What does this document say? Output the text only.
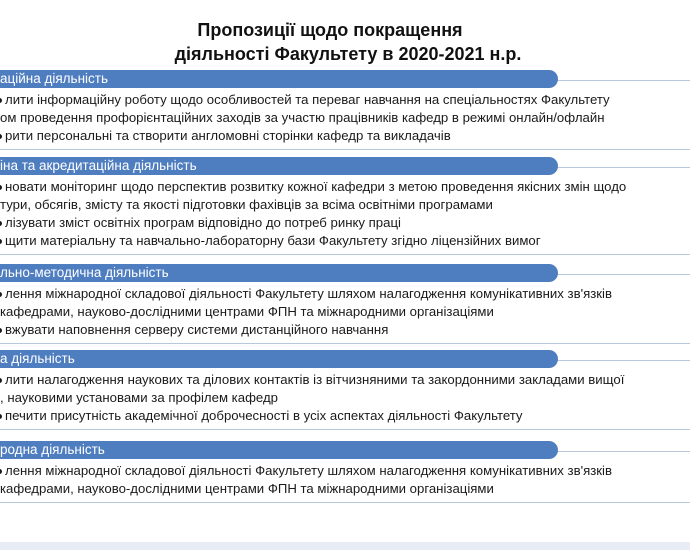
Пропозиції щодо покращення
діяльності Факультету в 2020-2021 н.р.
аційна діяльність
лити інформаційну роботу щодо особливостей та переваг навчання на спеціальностях Факультету
ом проведення профорієнтаційних заходів за участю працівників кафедр в режимі онлайн/офлайн
рити персональні та створити англомовні сторінки кафедр та викладачів
іна та акредитаційна діяльність
новати моніторинг щодо перспектив розвитку кожної кафедри з метою проведення якісних змін щодо
тури, обсягів, змісту та якості підготовки фахівців за всіма освітніми програмами
лізувати зміст освітніх програм відповідно до потреб ринку праці
щити матеріальну та навчально-лабораторну бази Факультету згідно ліцензійних вимог
льно-методична діяльність
лення міжнародної складової діяльності Факультету шляхом налагодження комунікативних зв'язків
кафедрами, науково-дослідними центрами ФПН та міжнародними організаціями
вжувати наповнення серверу системи дистанційного навчання
а діяльність
лити налагодження наукових та ділових контактів із вітчизняними та закордонними закладами вищої
, науковими установами за профілем кафедр
печити присутність академічної доброчесності в усіх аспектах діяльності Факультету
родна діяльність
лення міжнародної складової діяльності Факультету шляхом налагодження комунікативних зв'язків
кафедрами, науково-дослідними центрами ФПН та міжнародними організаціями
